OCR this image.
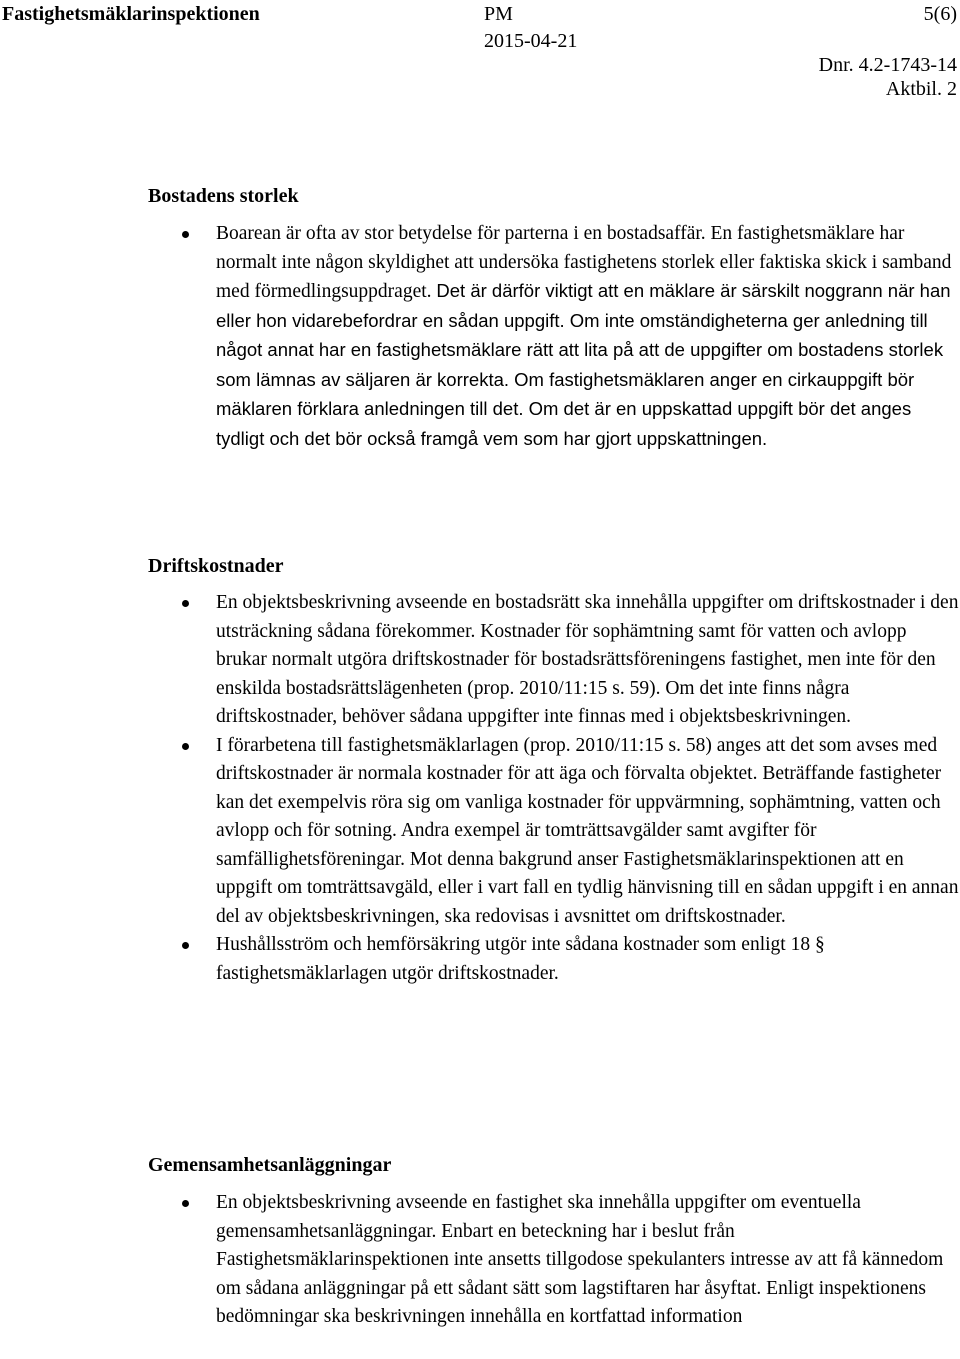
Fastighetsmäklarinspektionen	PM
2015-04-21
5(6)
Dnr. 4.2-1743-14
Aktbil. 2
Bostadens storlek
Boarean är ofta av stor betydelse för parterna i en bostadsaffär. En fastighetsmäklare har normalt inte någon skyldighet att undersöka fastighetens storlek eller faktiska skick i samband med förmedlingsuppdraget. Det är därför viktigt att en mäklare är särskilt noggrann när han eller hon vidarebefordrar en sådan uppgift. Om inte omständigheterna ger anledning till något annat har en fastighetsmäklare rätt att lita på att de uppgifter om bostadens storlek som lämnas av säljaren är korrekta. Om fastighetsmäklaren anger en cirkauppgift bör mäklaren förklara anledningen till det. Om det är en uppskattad uppgift bör det anges tydligt och det bör också framgå vem som har gjort uppskattningen.
Driftskostnader
En objektsbeskrivning avseende en bostadsrätt ska innehålla uppgifter om driftskostnader i den utsträckning sådana förekommer. Kostnader för sophämtning samt för vatten och avlopp brukar normalt utgöra driftskostnader för bostadsrättsföreningens fastighet, men inte för den enskilda bostadsrättslägenheten (prop. 2010/11:15 s. 59). Om det inte finns några driftskostnader, behöver sådana uppgifter inte finnas med i objektsbeskrivningen.
I förarbetena till fastighetsmäklarlagen (prop. 2010/11:15 s. 58) anges att det som avses med driftskostnader är normala kostnader för att äga och förvalta objektet. Beträffande fastigheter kan det exempelvis röra sig om vanliga kostnader för uppvärmning, sophämtning, vatten och avlopp och för sotning. Andra exempel är tomträttsavgälder samt avgifter för samfällighetsföreningar. Mot denna bakgrund anser Fastighetsmäklarinspektionen att en uppgift om tomträttsavgäld, eller i vart fall en tydlig hänvisning till en sådan uppgift i en annan del av objektsbeskrivningen, ska redovisas i avsnittet om driftskostnader.
Hushållsström och hemförsäkring utgör inte sådana kostnader som enligt 18 § fastighetsmäklarlagen utgör driftskostnader.
Gemensamhetsanläggningar
En objektsbeskrivning avseende en fastighet ska innehålla uppgifter om eventuella gemensamhetsanläggningar. Enbart en beteckning har i beslut från Fastighetsmäklarinspektionen inte ansetts tillgodose spekulanters intresse av att få kännedom om sådana anläggningar på ett sådant sätt som lagstiftaren har åsyftat. Enligt inspektionens bedömningar ska beskrivningen innehålla en kortfattad information
